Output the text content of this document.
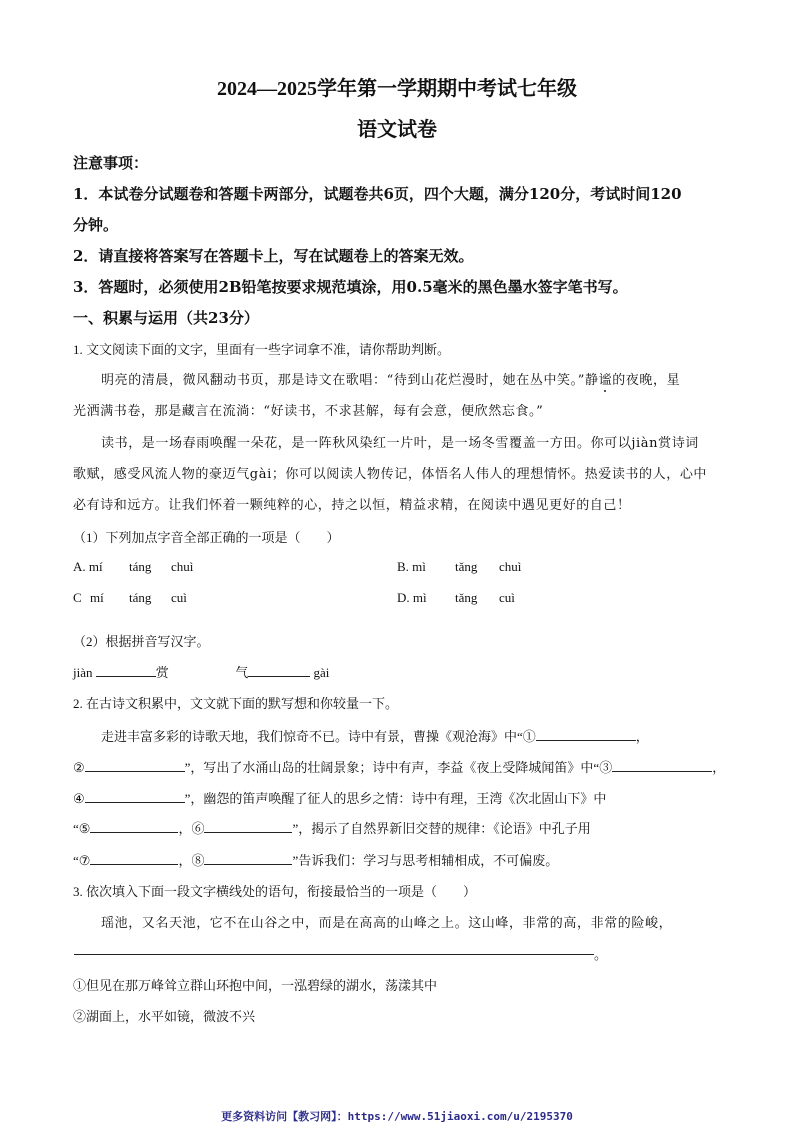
2024—2025学年第一学期期中考试七年级
语文试卷
注意事项：
1．本试卷分试题卷和答题卡两部分，试题卷共6页，四个大题，满分120分，考试时间120
分钟。
2．请直接将答案写在答题卡上，写在试题卷上的答案无效。
3．答题时，必须使用2B铅笔按要求规范填涂，用0.5毫米的黑色墨水签字笔书写。
一、积累与运用（共23分）
1. 文文阅读下面的文字，里面有一些字词拿不准，请你帮助判断。
明亮的清晨，微风翻动书页，那是诗文在歌唱：“待到山花烂漫时，她在丛中笑。”静谧的夜晚，星
光洒满书卷，那是藏言在流淌：“好读书，不求甚解，每有会意，便欣然忘食。”
读书，是一场春雨唤醒一朵花，是一阵秋风染红一片叶，是一场冬雪覆盖一方田。你可以jiàn赏诗词
歌赋，感受风流人物的豪迈气gài；你可以阅读人物传记，体悟名人伟人的理想情怀。热爱读书的人，心中
必有诗和远方。让我们怀着一颗纯粹的心，持之以恒，精益求精，在阅读中遇见更好的自己！
（1）下列加点字音全部正确的一项是（　　）
A. mí táng chuì	B. mì tǎng chuì
C mí táng cuì	D. mì tǎng cuì
（2）根据拼音写汉字。
jiàn	赏	气	gài
2. 在古诗文积累中，文文就下面的默写想和你较量一下。
走进丰富多彩的诗歌天地，我们惊奇不已。诗中有景，曹操《观沧海》中“①	，
②	”，写出了水涌山岛的壮阔景象；诗中有声，李益《夜上受降城闻笛》中“③	，
④	”，幽怨的笛声唤醒了征人的思乡之情：诗中有理，王湾《次北固山下》中
“⑤	，⑥	”，揭示了自然界新旧交替的规律：《论语》中孔子用
“⑦	，⑧	”告诉我们：学习与思考相辅相成，不可偏废。
3. 依次填入下面一段文字横线处的语句，衔接最恰当的一项是（　　）
瑶池，又名天池，它不在山谷之中，而是在高高的山峰之上。这山峰，非常的高，非常的险峻，
。
①但见在那万峰耸立群山环抱中间，一泓碧绿的湖水，荡漾其中
②湖面上，水平如镜，微波不兴
更多资料访问【教习网】：https://www.51jiaoxi.com/u/2195370
